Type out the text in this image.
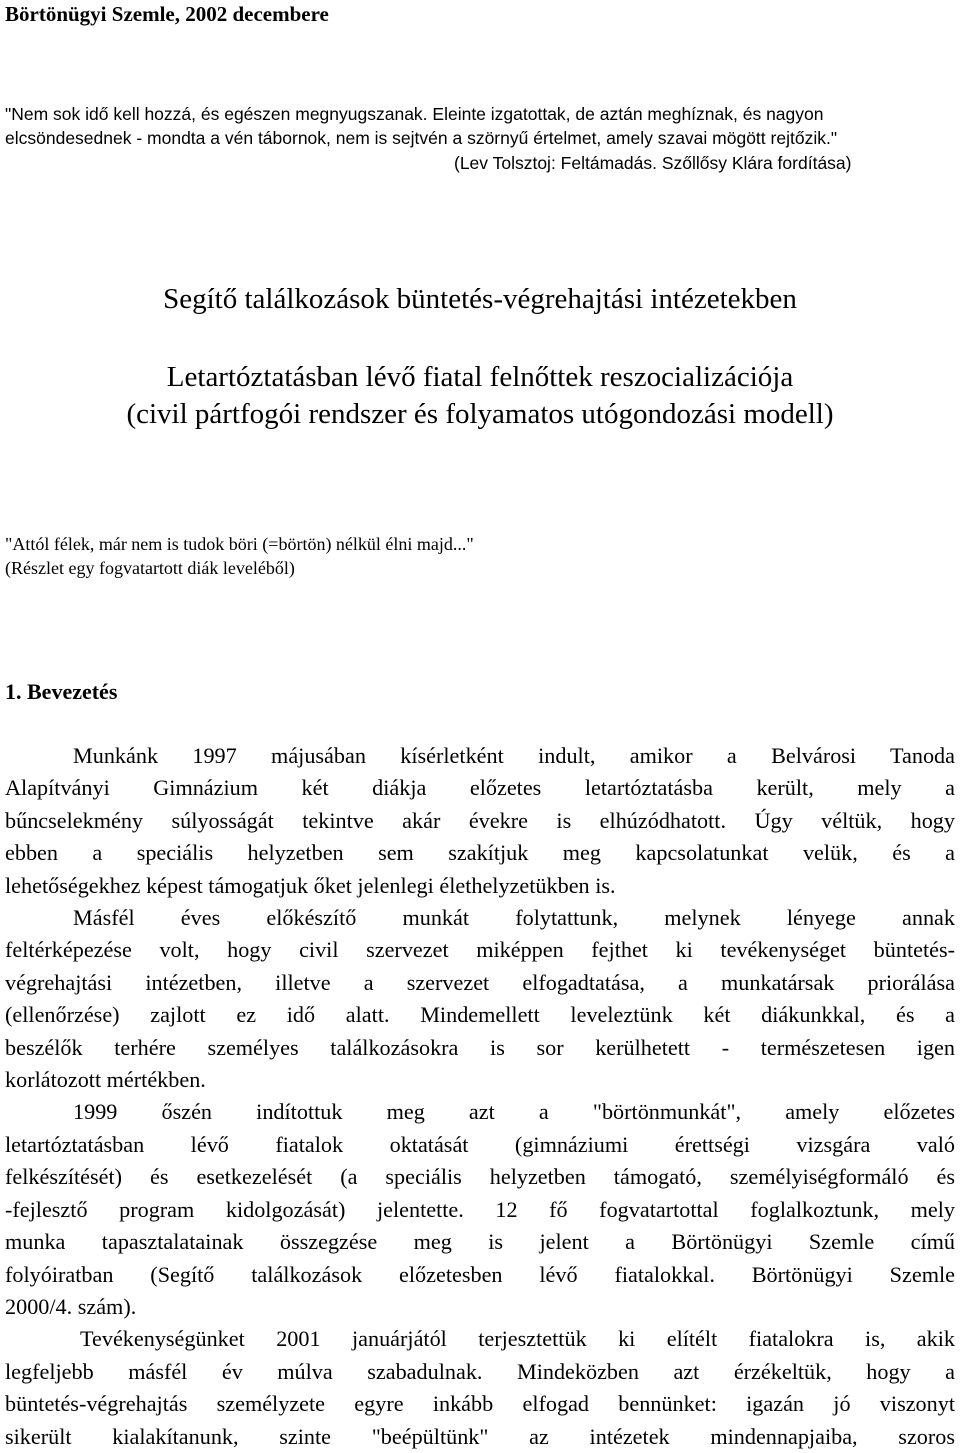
Börtönügyi Szemle, 2002 decembere
"Nem sok idő kell hozzá, és egészen megnyugszanak. Eleinte izgatottak, de aztán meghíznak, és nagyon
elcsöndesednek - mondta a vén tábornok, nem is sejtvén a szörnyű értelmet, amely szavai mögött rejtőzik."
(Lev Tolsztoj: Feltámadás. Szőllősy Klára fordítása)
Segítő találkozások büntetés-végrehajtási intézetekben
Letartóztatásban lévő fiatal felnőttek reszocializációja
(civil pártfogói rendszer és folyamatos utógondozási modell)
"Attól félek, már nem is tudok böri (=börtön) nélkül élni majd..."
(Részlet egy fogvatartott diák leveléből)
1. Bevezetés
Munkánk 1997 májusában kísérletként indult, amikor a Belvárosi Tanoda
Alapítványi Gimnázium két diákja előzetes letartóztatásba került, mely a
bűncselekmény súlyosságát tekintve akár évekre is elhúzódhatott. Úgy véltük, hogy
ebben a speciális helyzetben sem szakítjuk meg kapcsolatunkat velük, és a
lehetőségekhez képest támogatjuk őket jelenlegi élethelyzetükben is.
Másfél éves előkészítő munkát folytattunk, melynek lényege annak
feltérképezése volt, hogy civil szervezet miképpen fejthet ki tevékenységet büntetés-
végrehajtási intézetben, illetve a szervezet elfogadtatása, a munkatársak priorálása
(ellenőrzése) zajlott ez idő alatt. Mindemellett leveleztünk két diákunkkal, és a
beszélők terhére személyes találkozásokra is sor kerülhetett - természetesen igen
korlátozott mértékben.
1999 őszén indítottuk meg azt a "börtönmunkát", amely előzetes
letartóztatásban lévő fiatalok oktatását (gimnáziumi érettségi vizsgára való
felkészítését) és esetkezelését (a speciális helyzetben támogató, személyiségformáló és
-fejlesztő program kidolgozását) jelentette. 12 fő fogvatartottal foglalkoztunk, mely
munka tapasztalatainak összegzése meg is jelent a Börtönügyi Szemle című
folyóiratban (Segítő találkozások előzetesben lévő fiatalokkal. Börtönügyi Szemle
2000/4. szám).
Tevékenységünket 2001 januárjától terjesztettük ki elítélt fiatalokra is, akik
legfeljebb másfél év múlva szabadulnak. Mindeközben azt érzékeltük, hogy a
büntetés-végrehajtás személyzete egyre inkább elfogad bennünket: igazán jó viszonyt
sikerült kialakítanunk, szinte "beépültünk" az intézetek mindennapjaiba, szoros
